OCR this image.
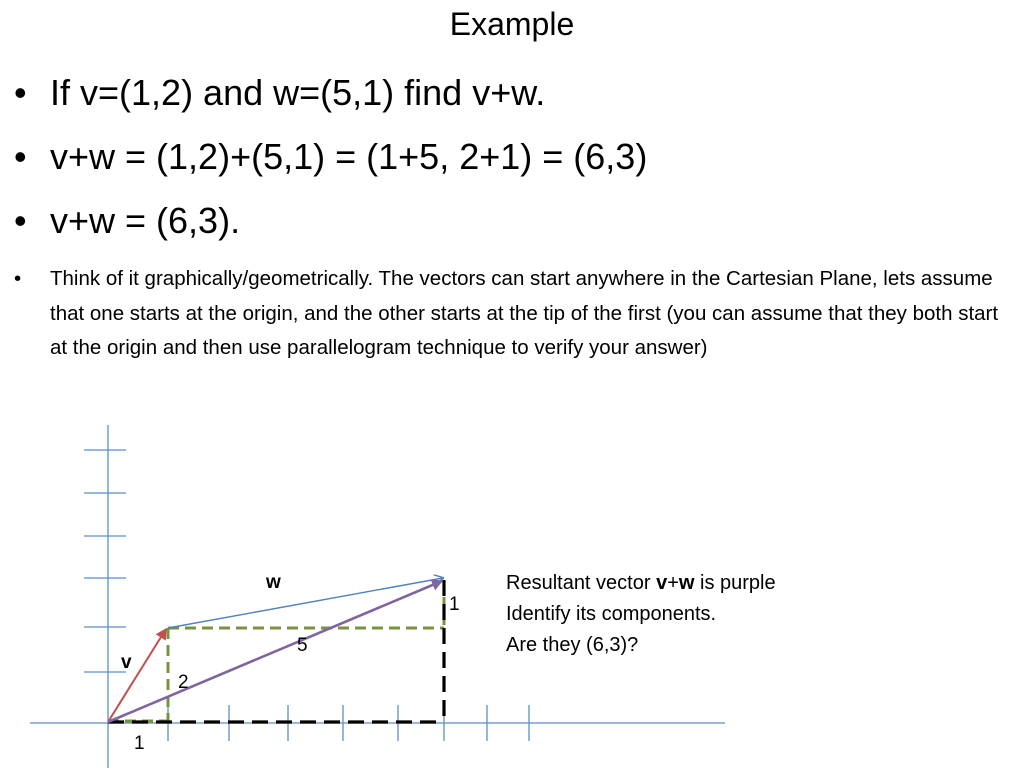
Example
• If v=(1,2) and w=(5,1) find v+w.
• v+w = (1,2)+(5,1) = (1+5, 2+1) = (6,3)
• v+w = (6,3).
• Think of it graphically/geometrically. The vectors can start anywhere in the Cartesian Plane, lets assume that one starts at the origin, and the other starts at the tip of the first (you can assume that they both start at the origin and then use parallelogram technique to verify your answer)
w
1
5
v
2
1
Resultant vector v+w is purple
Identify its components.
Are they (6,3)?
